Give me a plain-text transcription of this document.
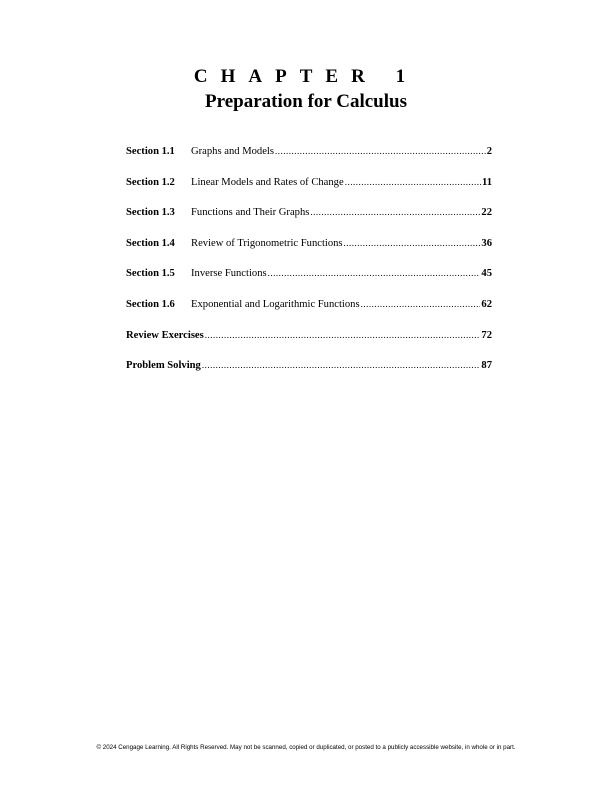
CHAPTER 1
Preparation for Calculus
Section 1.1	Graphs and Models .....	2
Section 1.2	Linear Models and Rates of Change .....	11
Section 1.3	Functions and Their Graphs .....	22
Section 1.4	Review of Trigonometric Functions .....	36
Section 1.5	Inverse Functions .....	45
Section 1.6	Exponential and Logarithmic Functions .....	62
Review Exercises .....	72
Problem Solving .....	87
© 2024 Cengage Learning. All Rights Reserved. May not be scanned, copied or duplicated, or posted to a publicly accessible website, in whole or in part.
